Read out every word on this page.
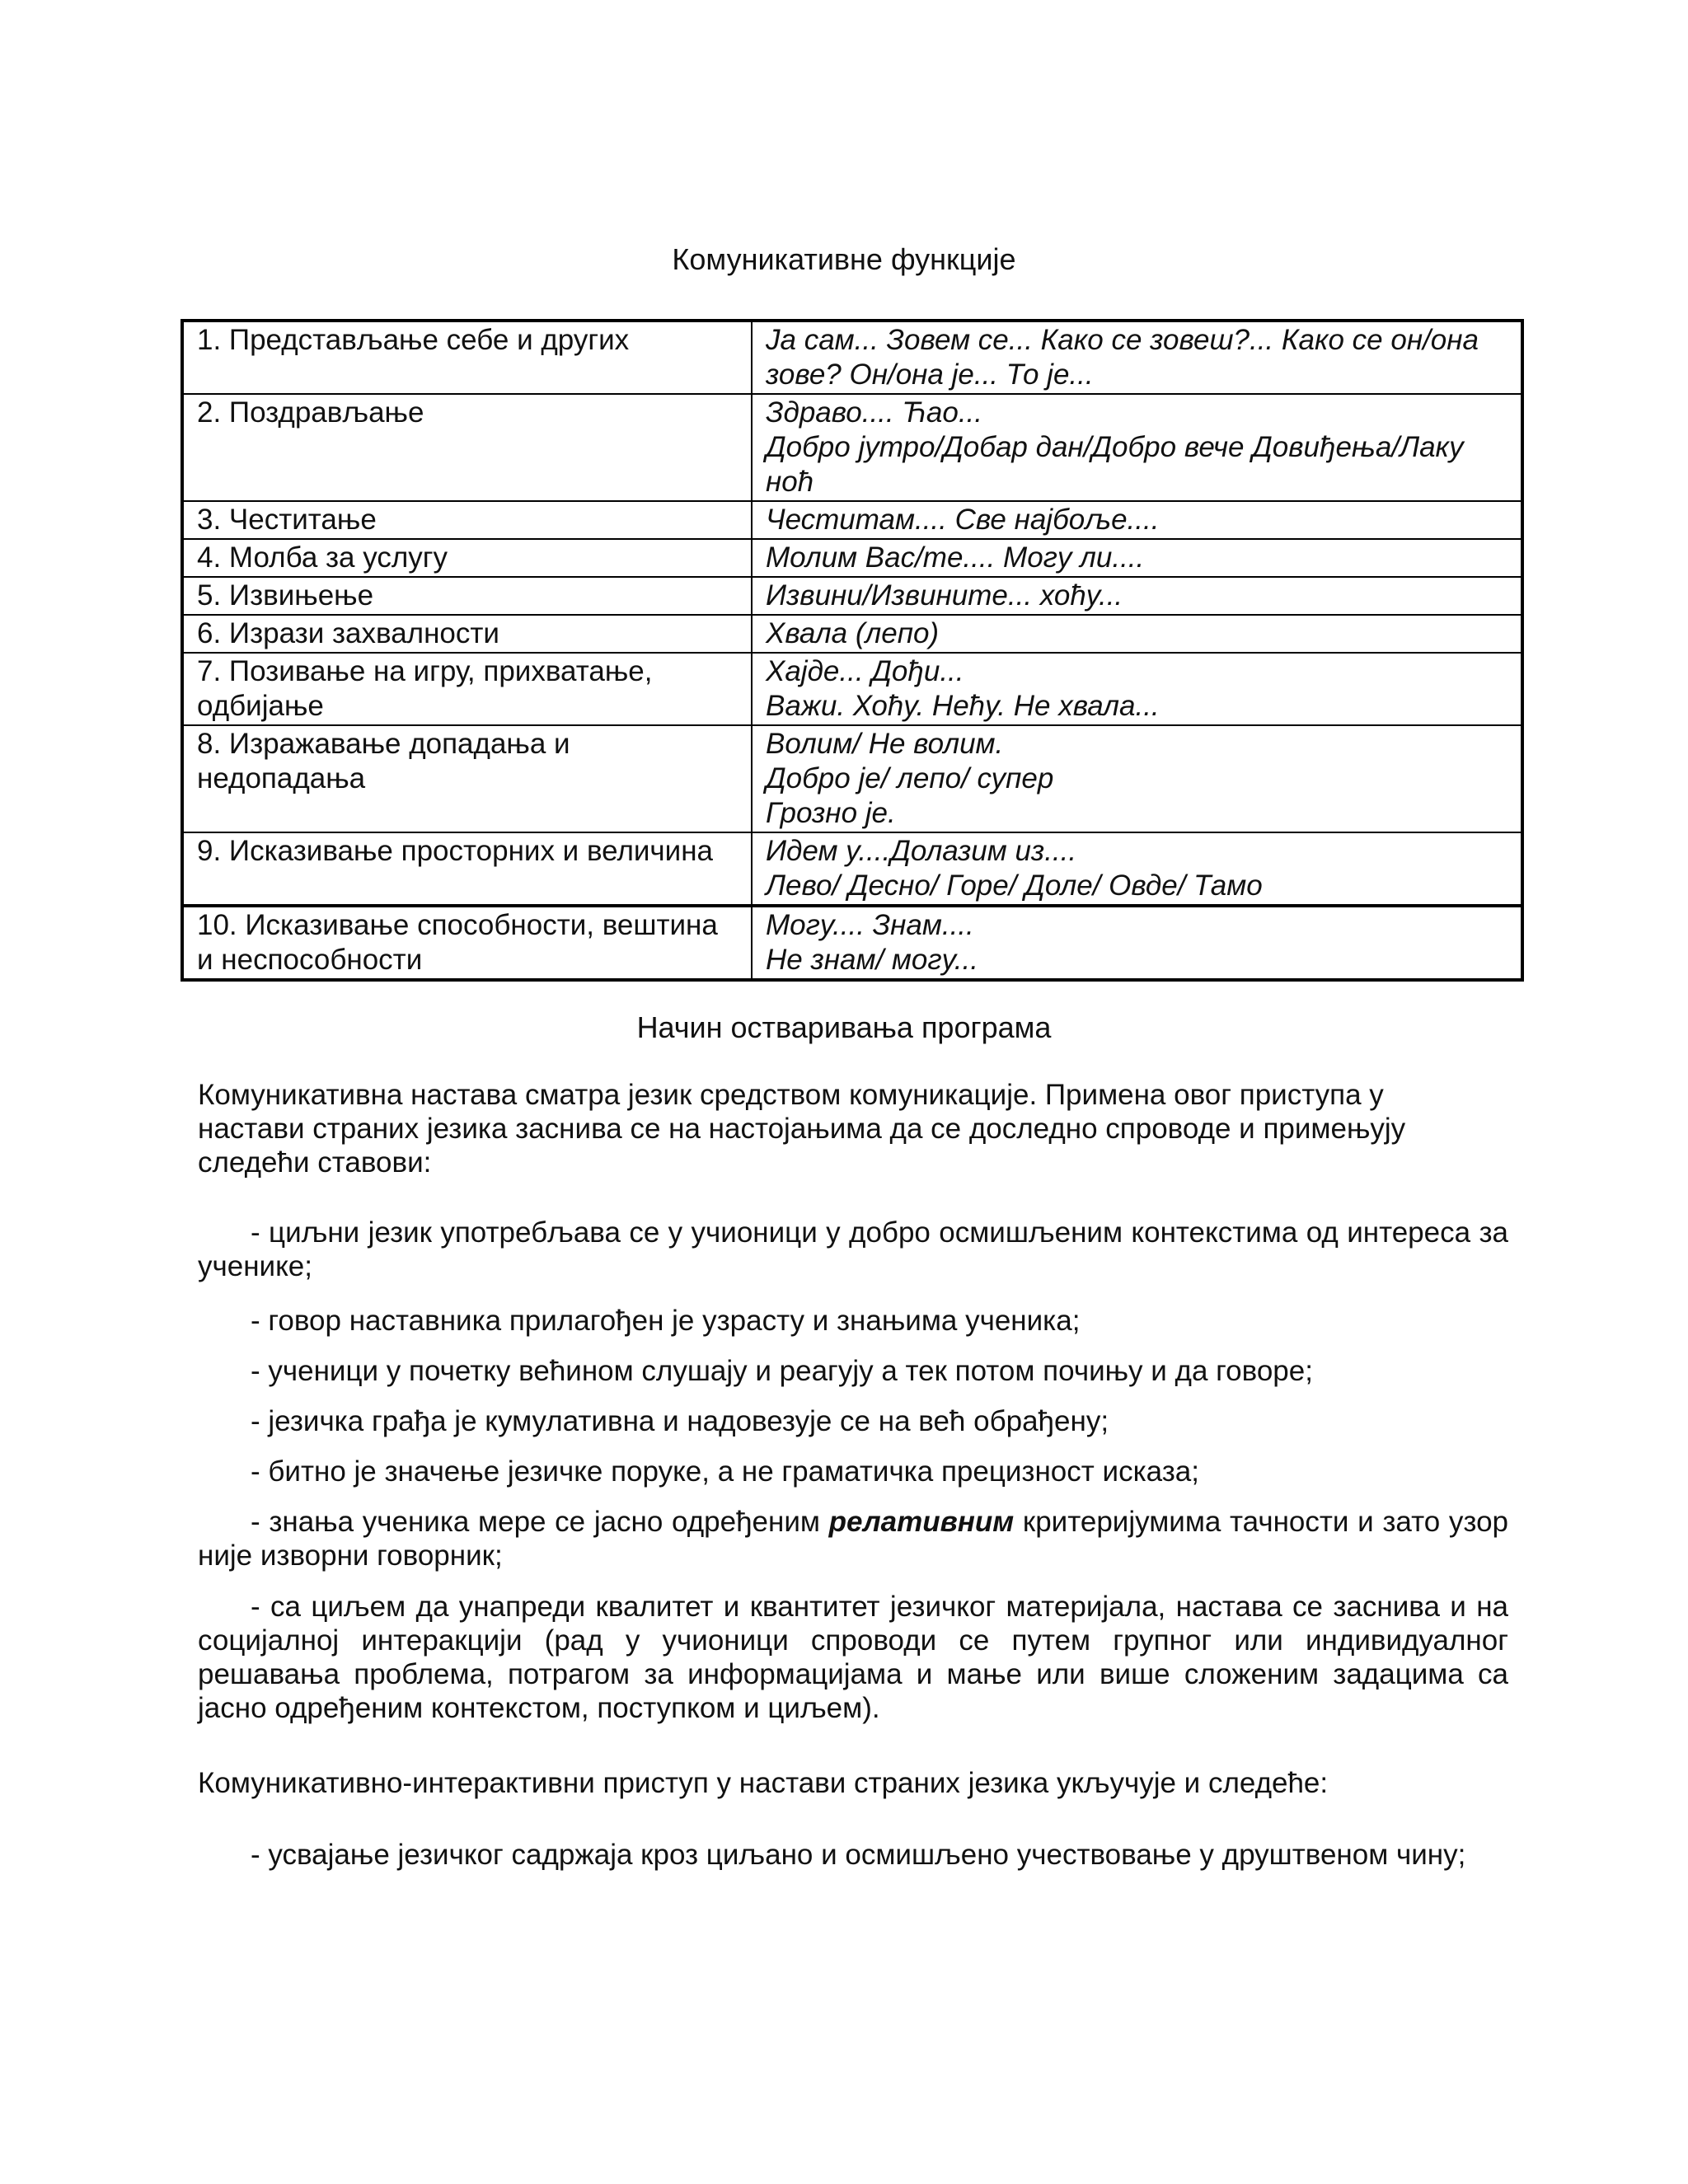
Комуникативне функције
1. Представљање себе и других	Ја сам... Зовем се... Како се зовеш?... Како се он/она
зове? Он/она је... То је...

2. Поздрављање	Здраво.... Ћао...
Добро јутро/Добар дан/Добро вече Довиђења/Лаку
ноћ

3. Честитање	Честитам.... Све најбоље....

4. Молба за услугу	Молим Вас/те.... Могу ли....

5. Извињење	Извини/Извините... хоћу...

6. Изрази захвалности	Хвала (лепо)

7. Позивање на игру, прихватање,
одбијање	Хајде... Дођи...
Важи. Хоћу. Нећу. Не хвала...

8. Изражавање допадања и
недопадања	Волим/ Не волим.
Добро је/ лепо/ супер
Грозно је.

9. Исказивање просторних и величина	Идем у....Долазим из....
Лево/ Десно/ Горе/ Доле/ Овде/ Тамо

10. Исказивање способности, вештина
и неспособности	Могу.... Знам....
Не знам/ могу...
Начин остваривања програма
Комуникативна настава сматра језик средством комуникације. Примена овог приступа у
настави страних језика заснива се на настојањима да се доследно спроводе и примењују
следећи ставови:
- циљни језик употребљава се у учионици у добро осмишљеним контекстима од интереса за ученике;
- говор наставника прилагођен је узрасту и знањима ученика;
- ученици у почетку већином слушају и реагују а тек потом почињу и да говоре;
- језичка грађа је кумулативна и надовезује се на већ обрађену;
- битно је значење језичке поруке, а не граматичка прецизност исказа;
- знања ученика мере се јасно одређеним релативним критеријумима тачности и зато узор није изворни говорник;
- са циљем да унапреди квалитет и квантитет језичког материјала, настава се заснива и на социјалној интеракцији (рад у учионици спроводи се путем групног или индивидуалног решавања проблема, потрагом за информацијама и мање или више сложеним задацима са јасно одређеним контекстом, поступком и циљем).
Комуникативно-интерактивни приступ у настави страних језика укључује и следеће:
- усвајање језичког садржаја кроз циљано и осмишљено учествовање у друштвеном чину;
